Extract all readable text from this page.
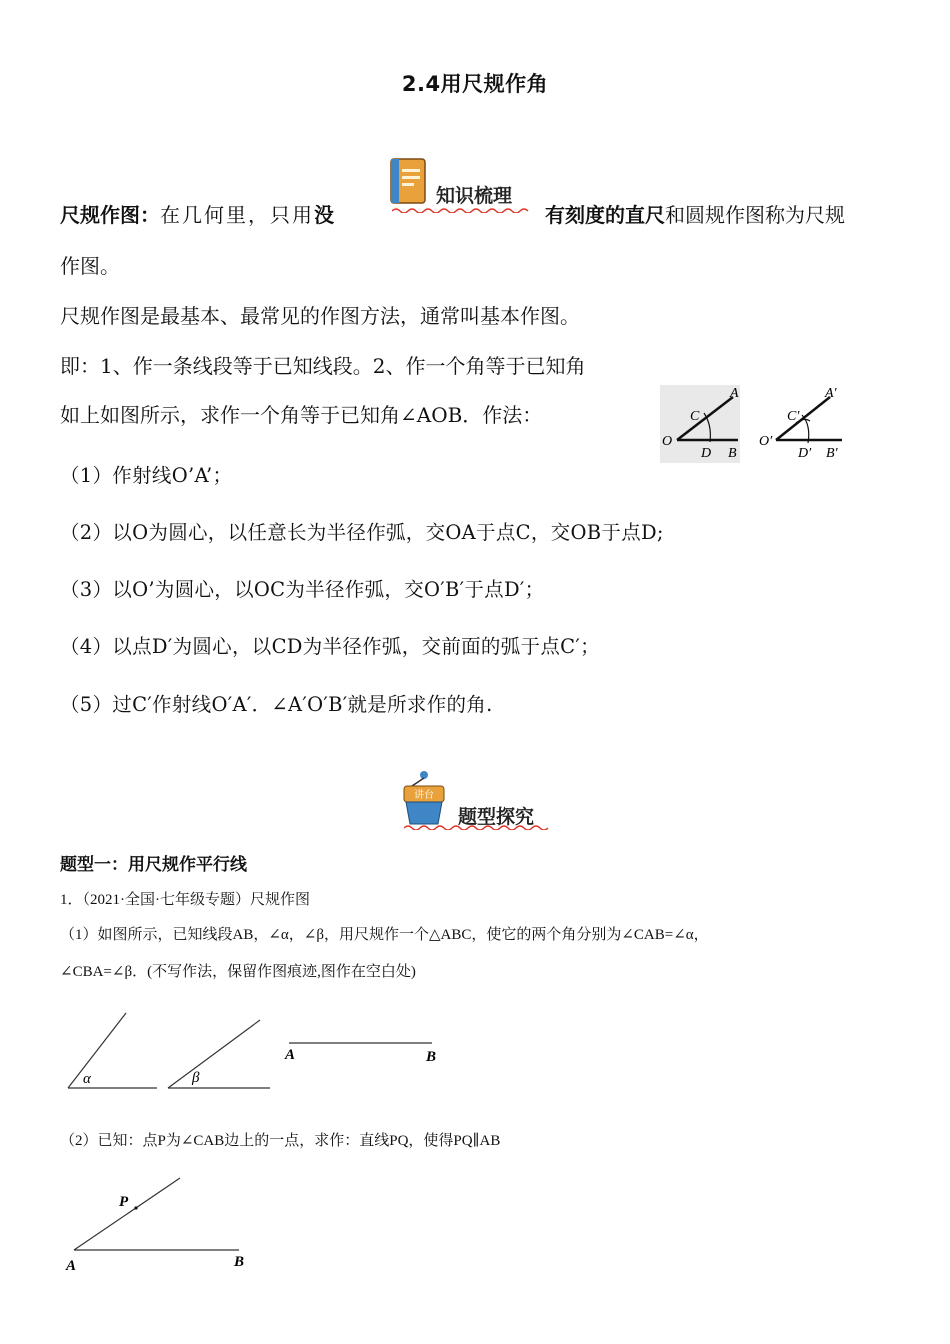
2.4用尺规作角
知识梳理
尺规作图：在几何里，只用没	有刻度的直尺和圆规作图称为尺规
作图。
尺规作图是最基本、最常见的作图方法，通常叫基本作图。
即：1、作一条线段等于已知线段。2、作一个角等于已知角
如上如图所示，求作一个角等于已知角∠AOB．作法：
A
C
O
D B
A′
C′
O′
D′ B′
（1）作射线O’A’；
（2）以O为圆心，以任意长为半径作弧，交OA于点C，交OB于点D;
（3）以O’为圆心，以OC为半径作弧，交O′B′于点D′；
（4）以点D′为圆心，以CD为半径作弧，交前面的弧于点C′；
（5）过C′作射线O′A′．∠A′O′B′就是所求作的角.
讲台
题型探究
题型一：用尺规作平行线
1．（2021·全国·七年级专题）尺规作图
（1）如图所示，已知线段AB，∠α，∠β，用尺规作一个△ABC，使它的两个角分别为∠CAB=∠α，
∠CBA=∠β．(不写作法，保留作图痕迹,图作在空白处)
α	β
A	B
（2）已知：点P为∠CAB边上的一点，求作：直线PQ，使得PQ∥AB
P
A	B
